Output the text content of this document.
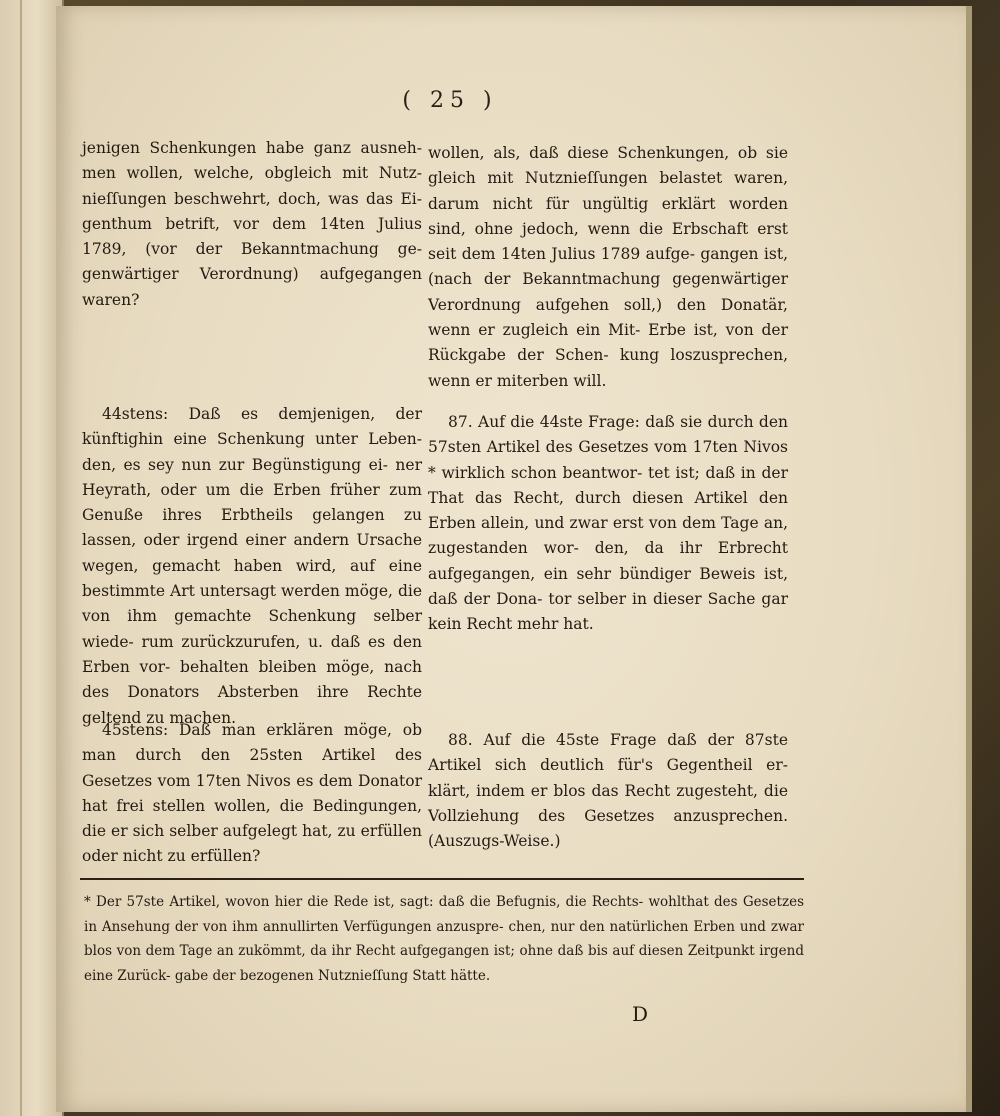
( 25 )

jenigen Schenkungen habe ganz ausneh- men wollen, welche, obgleich mit Nutz- nieſſungen beschwehrt, doch, was das Ei- genthum betrift, vor dem 14ten Julius 1789, (vor der Bekanntmachung ge- genwärtiger Verordnung) aufgegangen waren?

wollen, als, daß diese Schenkungen, ob sie gleich mit Nutznieſſungen belastet waren, darum nicht für ungültig erklärt worden sind, ohne jedoch, wenn die Erbschaft erst seit dem 14ten Julius 1789 aufge- gangen ist, (nach der Bekanntmachung gegenwärtiger Verordnung aufgehen soll,) den Donatär, wenn er zugleich ein Mit- Erbe ist, von der Rückgabe der Schen- kung loszusprechen, wenn er miterben will.

44stens: Daß es demjenigen, der künftighin eine Schenkung unter Leben- den, es sey nun zur Begünstigung ei- ner Heyrath, oder um die Erben früher zum Genuße ihres Erbtheils gelangen zu lassen, oder irgend einer andern Ursache wegen, gemacht haben wird, auf eine bestimmte Art untersagt werden möge, die von ihm gemachte Schenkung selber wiede- rum zurückzurufen, u. daß es den Erben vor- behalten bleiben möge, nach des Donators Absterben ihre Rechte geltend zu machen.

87. Auf die 44ste Frage: daß sie durch den 57sten Artikel des Gesetzes vom 17ten Nivos * wirklich schon beantwor- tet ist; daß in der That das Recht, durch diesen Artikel den Erben allein, und zwar erst von dem Tage an, zugestanden wor- den, da ihr Erbrecht aufgegangen, ein sehr bündiger Beweis ist, daß der Dona- tor selber in dieser Sache gar kein Recht mehr hat.

45stens: Daß man erklären möge, ob man durch den 25sten Artikel des Gesetzes vom 17ten Nivos es dem Donator hat frei stellen wollen, die Bedingungen, die er sich selber aufgelegt hat, zu erfüllen oder nicht zu erfüllen?

88. Auf die 45ste Frage daß der 87ste Artikel sich deutlich für's Gegentheil er- klärt, indem er blos das Recht zugesteht, die Vollziehung des Gesetzes anzusprechen. (Auszugs-Weise.)

* Der 57ste Artikel, wovon hier die Rede ist, sagt: daß die Befugnis, die Rechts- wohlthat des Gesetzes in Ansehung der von ihm annullirten Verfügungen anzuspre- chen, nur den natürlichen Erben und zwar blos von dem Tage an zukömmt, da ihr Recht aufgegangen ist; ohne daß bis auf diesen Zeitpunkt irgend eine Zurück- gabe der bezogenen Nutznieſſung Statt hätte.
D
